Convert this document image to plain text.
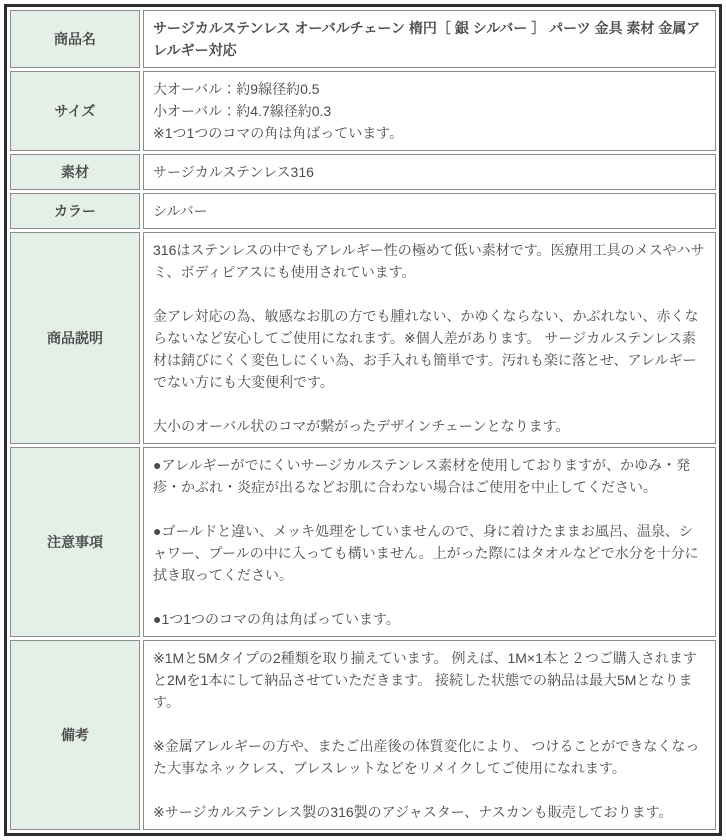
商品名	サージカルステンレス オーバルチェーン 楕円［ 銀 シルバー ］ パーツ 金具 素材 金属アレルギー対応

サイズ	大オーバル：約9線径約0.5

小オーバル：約4.7線径約0.3

※1つ1つのコマの角は角ばっています。

素材	サージカルステンレス316

カラー	シルバー

商品説明	316はステンレスの中でもアレルギー性の極めて低い素材です。医療用工具のメスやハサミ、ボディピアスにも使用されています。

金アレ対応の為、敏感なお肌の方でも腫れない、かゆくならない、かぶれない、赤くならないなど安心してご使用になれます。※個人差があります。 サージカルステンレス素材は錆びにくく変色しにくい為、お手入れも簡単です。汚れも楽に落とせ、アレルギーでない方にも大変便利です。

大小のオーバル状のコマが繋がったデザインチェーンとなります。

注意事項	●アレルギーがでにくいサージカルステンレス素材を使用しておりますが、かゆみ・発疹・かぶれ・炎症が出るなどお肌に合わない場合はご使用を中止してください。

●ゴールドと違い、メッキ処理をしていませんので、身に着けたままお風呂、温泉、シャワー、プールの中に入っても構いません。上がった際にはタオルなどで水分を十分に拭き取ってください。

●1つ1つのコマの角は角ばっています。

備考	※1Mと5Mタイプの2種類を取り揃えています。 例えば、1M×1本と２つご購入されますと2Mを1本にして納品させていただきます。 接続した状態での納品は最大5Mとなります。

※金属アレルギーの方や、またご出産後の体質変化により、 つけることができなくなった大事なネックレス、ブレスレットなどをリメイクしてご使用になれます。

※サージカルステンレス製の316製のアジャスター、ナスカンも販売しております。
